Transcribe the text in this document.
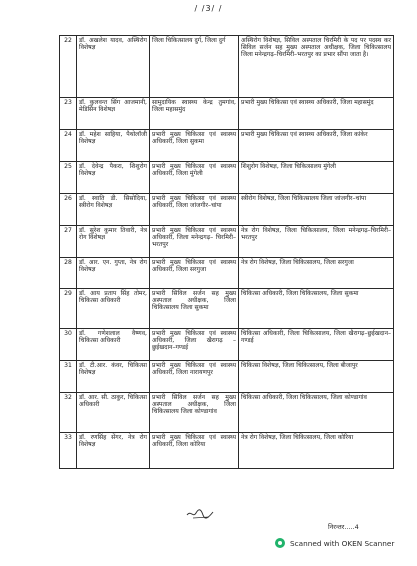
/ /3/ /
22	डॉ. अखलेश यादव, अस्थिरोग विशेषज्ञ	जिला चिकित्सालय दुर्ग, जिला दुर्ग	अस्थिरोग विशेषज्ञ, सिविल अस्पताल चिरमिरी के पद पर पदस्थ कर सिविल सर्जन सह मुख्य अस्पताल अधीक्षक, जिला चिकित्सालय जिला मनेन्द्रगढ़–चिरमिरी–भरतपुर का प्रभार सौंपा जाता है।
23	डॉ. कुलवन्त सिंग आजमानी, मेडिसिन विशेषज्ञ	सामुदायिक स्वास्थ्य केन्द्र तुमगांव, जिला महासमुंद	प्रभारी मुख्य चिकित्सा एवं स्वास्थ्य अधिकारी, जिला महासमुंद
24	डॉ. महेश साहिया, पैथोलॉजी विशेषज्ञ	प्रभारी मुख्य चिकित्सा एवं स्वास्थ्य अधिकारी, जिला सुकमा	प्रभारी मुख्य चिकित्सा एवं स्वास्थ्य अधिकारी, जिला कांकेर
25	डॉ. देवेन्द्र पैकरा, शिशुरोग विशेषज्ञ	प्रभारी मुख्य चिकित्सा एवं स्वास्थ्य अधिकारी, जिला मुंगेली	शिशुरोग विशेषज्ञ, जिला चिकित्सालय मुंगेली
26	डॉ. स्वाति डी. सिसोदिया, स्त्रीरोग विशेषज्ञ	प्रभारी मुख्य चिकित्सा एवं स्वास्थ्य अधिकारी, जिला जांजगीर–चांपा	स्त्रीरोग विशेषज्ञ, जिला चिकित्सालय जिला जांजगीर–चांपा
27	डॉ. सुरेश कुमार तिवारी, नेत्र रोग विशेषज्ञ	प्रभारी मुख्य चिकित्सा एवं स्वास्थ्य अधिकारी, जिला मनेन्द्रगढ़– चिरमिरी–भरतपुर	नेत्र रोग विशेषज्ञ, जिला चिकित्सालय, जिला मनेन्द्रगढ़–चिरमिरी–भरतपुर
28	डॉ. आर. एन. गुप्ता, नेत्र रोग विशेषज्ञ	प्रभारी मुख्य चिकित्सा एवं स्वास्थ्य अधिकारी, जिला सरगुजा	नेत्र रोग विशेषज्ञ, जिला चिकित्सालय, जिला सरगुजा
29	डॉ. आय प्रताप सिंह तोमर, चिकित्सा अधिकारी	प्रभारी सिविल सर्जन सह मुख्य अस्पताल अधीक्षक, जिला चिकित्सालय जिला सुकमा	चिकित्सा अधिकारी, जिला चिकित्सालय, जिला सुकमा
30	डॉ. गणेशलाल वैष्णव, चिकित्सा अधिकारी	प्रभारी मुख्य चिकित्सा एवं स्वास्थ्य अधिकारी, जिला खैरागढ़ – छुईखदान–गण्डई	चिकित्सा अधिकारी, जिला चिकित्सालय, जिला खैरागढ़–छुईखदान–गण्डई
31	डॉ. टी.आर. कंवर, चिकित्सा विशेषज्ञ	प्रभारी मुख्य चिकित्सा एवं स्वास्थ्य अधिकारी, जिला नारायणपुर	चिकित्सा विशेषज्ञ, जिला चिकित्सालय, जिला बीजापुर
32	डॉ. आर. सी. ठाकुर, चिकित्सा अधिकारी	प्रभारी सिविल सर्जन सह मुख्य अस्पताल अधीक्षक, जिला चिकित्सालय जिला कोण्डागांव	चिकित्सा अधिकारी, जिला चिकित्सालय, जिला कोण्डागांव
33	डॉ. रणसिंह सेंगर, नेत्र रोग विशेषज्ञ	प्रभारी मुख्य चिकित्सा एवं स्वास्थ्य अधिकारी, जिला कोरिया	नेत्र रोग विशेषज्ञ, जिला चिकित्सालय, जिला कोरिया
निरन्तर.....4
Scanned with OKEN Scanner
